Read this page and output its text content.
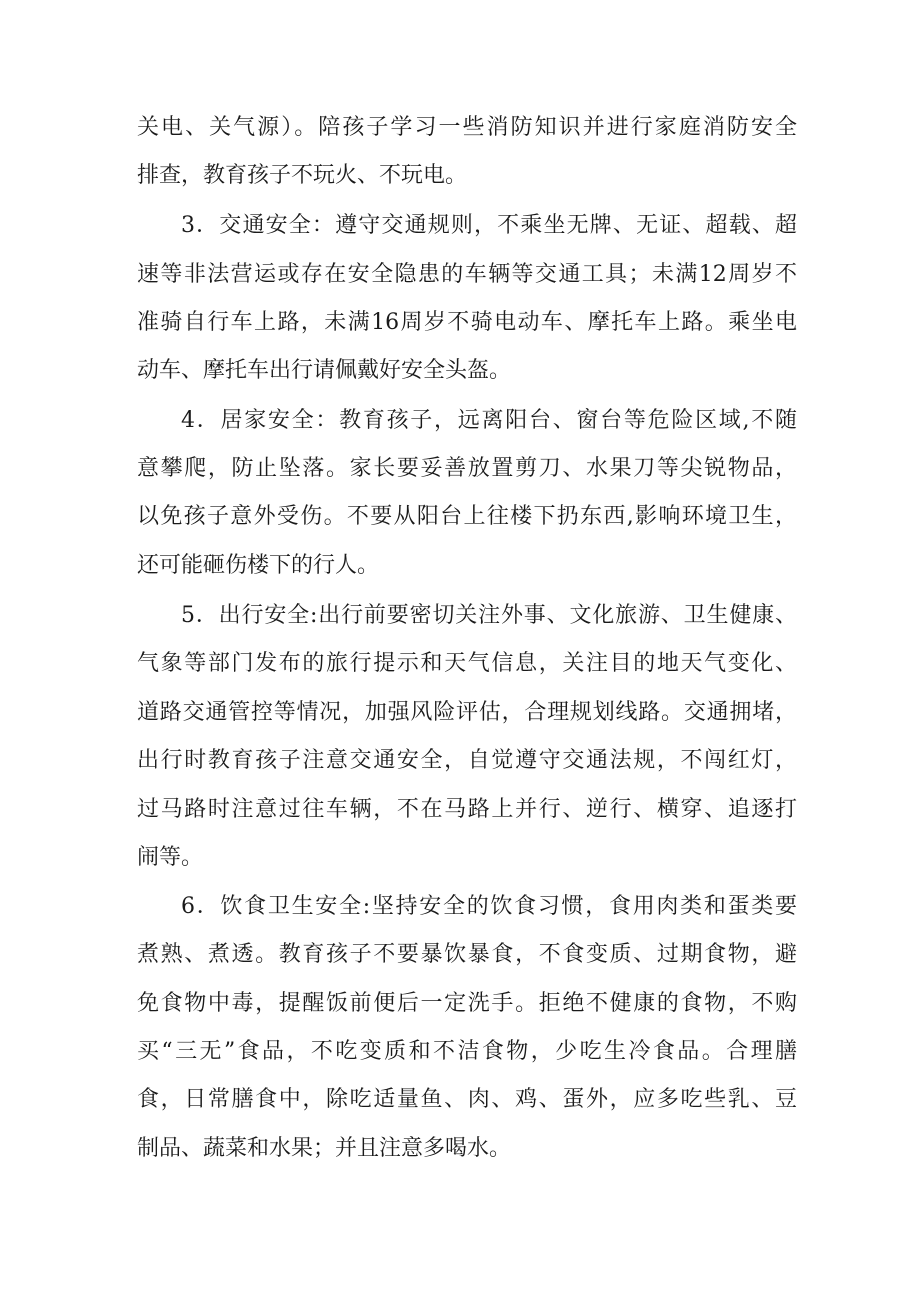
关电、关气源）。陪孩子学习一些消防知识并进行家庭消防安全
排查，教育孩子不玩火、不玩电。
3．交通安全：遵守交通规则，不乘坐无牌、无证、超载、超
速等非法营运或存在安全隐患的车辆等交通工具；未满12周岁不
准骑自行车上路，未满16周岁不骑电动车、摩托车上路。乘坐电
动车、摩托车出行请佩戴好安全头盔。
4．居家安全：教育孩子，远离阳台、窗台等危险区域,不随
意攀爬，防止坠落。家长要妥善放置剪刀、水果刀等尖锐物品，
以免孩子意外受伤。不要从阳台上往楼下扔东西,影响环境卫生，
还可能砸伤楼下的行人。
5．出行安全:出行前要密切关注外事、文化旅游、卫生健康、
气象等部门发布的旅行提示和天气信息，关注目的地天气变化、
道路交通管控等情况，加强风险评估，合理规划线路。交通拥堵，
出行时教育孩子注意交通安全，自觉遵守交通法规，不闯红灯，
过马路时注意过往车辆，不在马路上并行、逆行、横穿、追逐打
闹等。
6．饮食卫生安全:坚持安全的饮食习惯，食用肉类和蛋类要
煮熟、煮透。教育孩子不要暴饮暴食，不食变质、过期食物，避
免食物中毒，提醒饭前便后一定洗手。拒绝不健康的食物，不购
买“三无”食品，不吃变质和不洁食物，少吃生冷食品。合理膳
食，日常膳食中，除吃适量鱼、肉、鸡、蛋外，应多吃些乳、豆
制品、蔬菜和水果；并且注意多喝水。
